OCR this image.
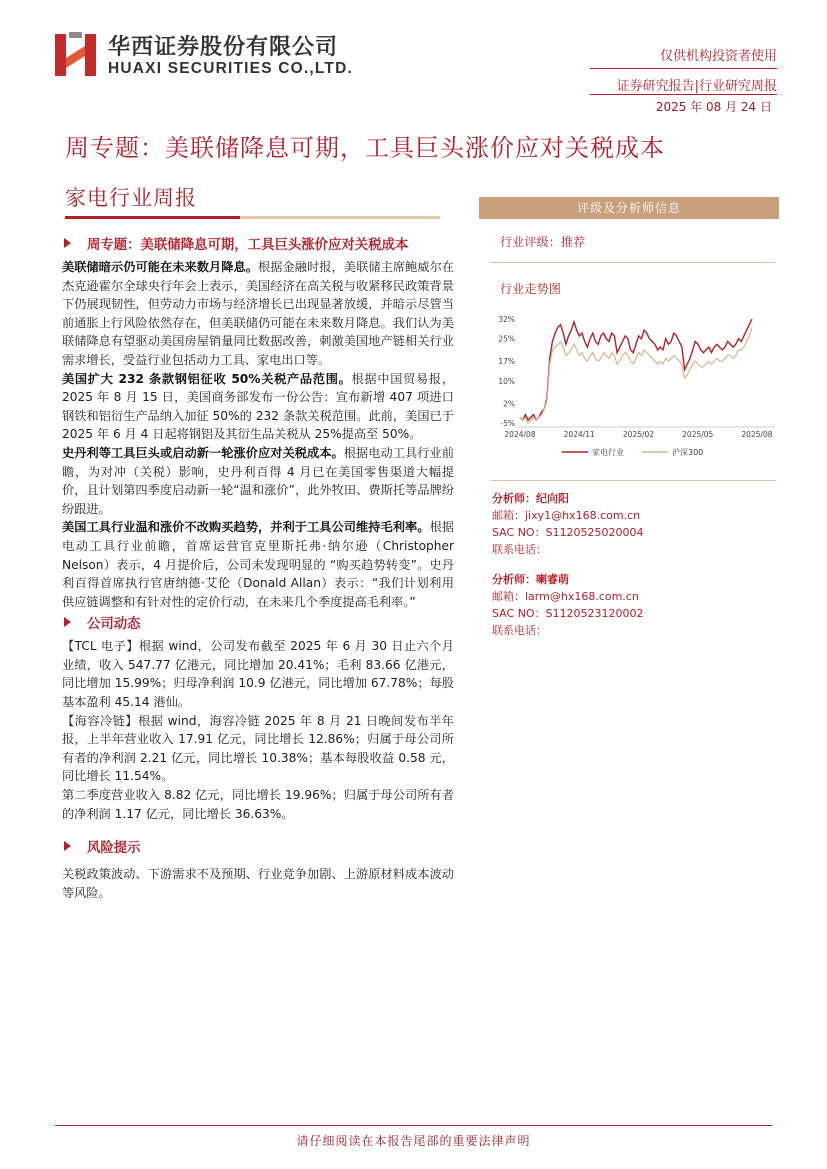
华西证券股份有限公司
HUAXI SECURITIES CO.,LTD.
仅供机构投资者使用
证券研究报告|行业研究周报
2025 年 08 月 24 日
周专题：美联储降息可期，工具巨头涨价应对关税成本
家电行业周报
周专题：美联储降息可期，工具巨头涨价应对关税成本

美联储暗示仍可能在未来数月降息。根据金融时报，美联储主席鲍威尔在杰克逊霍尔全球央行年会上表示，美国经济在高关税与收紧移民政策背景下仍展现韧性，但劳动力市场与经济增长已出现显著放缓，并暗示尽管当前通胀上行风险依然存在，但美联储仍可能在未来数月降息。我们认为美联储降息有望驱动美国房屋销量同比数据改善，刺激美国地产链相关行业需求增长，受益行业包括动力工具、家电出口等。

美国扩大 232 条款钢铝征收 50%关税产品范围。根据中国贸易报，2025 年 8 月 15 日，美国商务部发布一份公告：宣布新增 407 项进口钢铁和铝衍生产品纳入加征 50%的 232 条款关税范围。此前，美国已于 2025 年 6 月 4 日起将钢铝及其衍生品关税从 25%提高至 50%。

史丹利等工具巨头或启动新一轮涨价应对关税成本。根据电动工具行业前瞻，为对冲（关税）影响，史丹利百得 4 月已在美国零售渠道大幅提价，且计划第四季度启动新一轮“温和涨价”，此外牧田、费斯托等品牌纷纷跟进。

美国工具行业温和涨价不改购买趋势，并利于工具公司维持毛利率。根据电动工具行业前瞻，首席运营官克里斯托弗·纳尔逊（Christopher Nelson）表示，4 月提价后，公司未发现明显的 “购买趋势转变”。史丹利百得首席执行官唐纳德·艾伦（Donald Allan）表示：“我们计划利用供应链调整和有针对性的定价行动，在未来几个季度提高毛利率。”

公司动态

【TCL 电子】根据 wind，公司发布截至 2025 年 6 月 30 日止六个月业绩，收入 547.77 亿港元，同比增加 20.41%；毛利 83.66 亿港元，同比增加 15.99%；归母净利润 10.9 亿港元，同比增加 67.78%；每股基本盈利 45.14 港仙。

【海容冷链】根据 wind，海容冷链 2025 年 8 月 21 日晚间发布半年报，上半年营业收入 17.91 亿元，同比增长 12.86%；归属于母公司所有者的净利润 2.21 亿元，同比增长 10.38%；基本每股收益 0.58 元，同比增长 11.54%。

第二季度营业收入 8.82 亿元，同比增长 19.96%；归属于母公司所有者的净利润 1.17 亿元，同比增长 36.63%。

风险提示

关税政策波动、下游需求不及预期、行业竞争加剧、上游原材料成本波动等风险。

评级及分析师信息
行业评级：推荐
行业走势图
32%
25%
17%
10%
2%
-5%
2024/08	2024/11	2025/02	2025/05	2025/08
家电行业	沪深300
分析师：纪向阳
邮箱：jixy1@hx168.com.cn
SAC NO：S1120525020004
联系电话：
分析师：喇睿萌
邮箱：larm@hx168.com.cn
SAC NO：S1120523120002
联系电话：
请仔细阅读在本报告尾部的重要法律声明
